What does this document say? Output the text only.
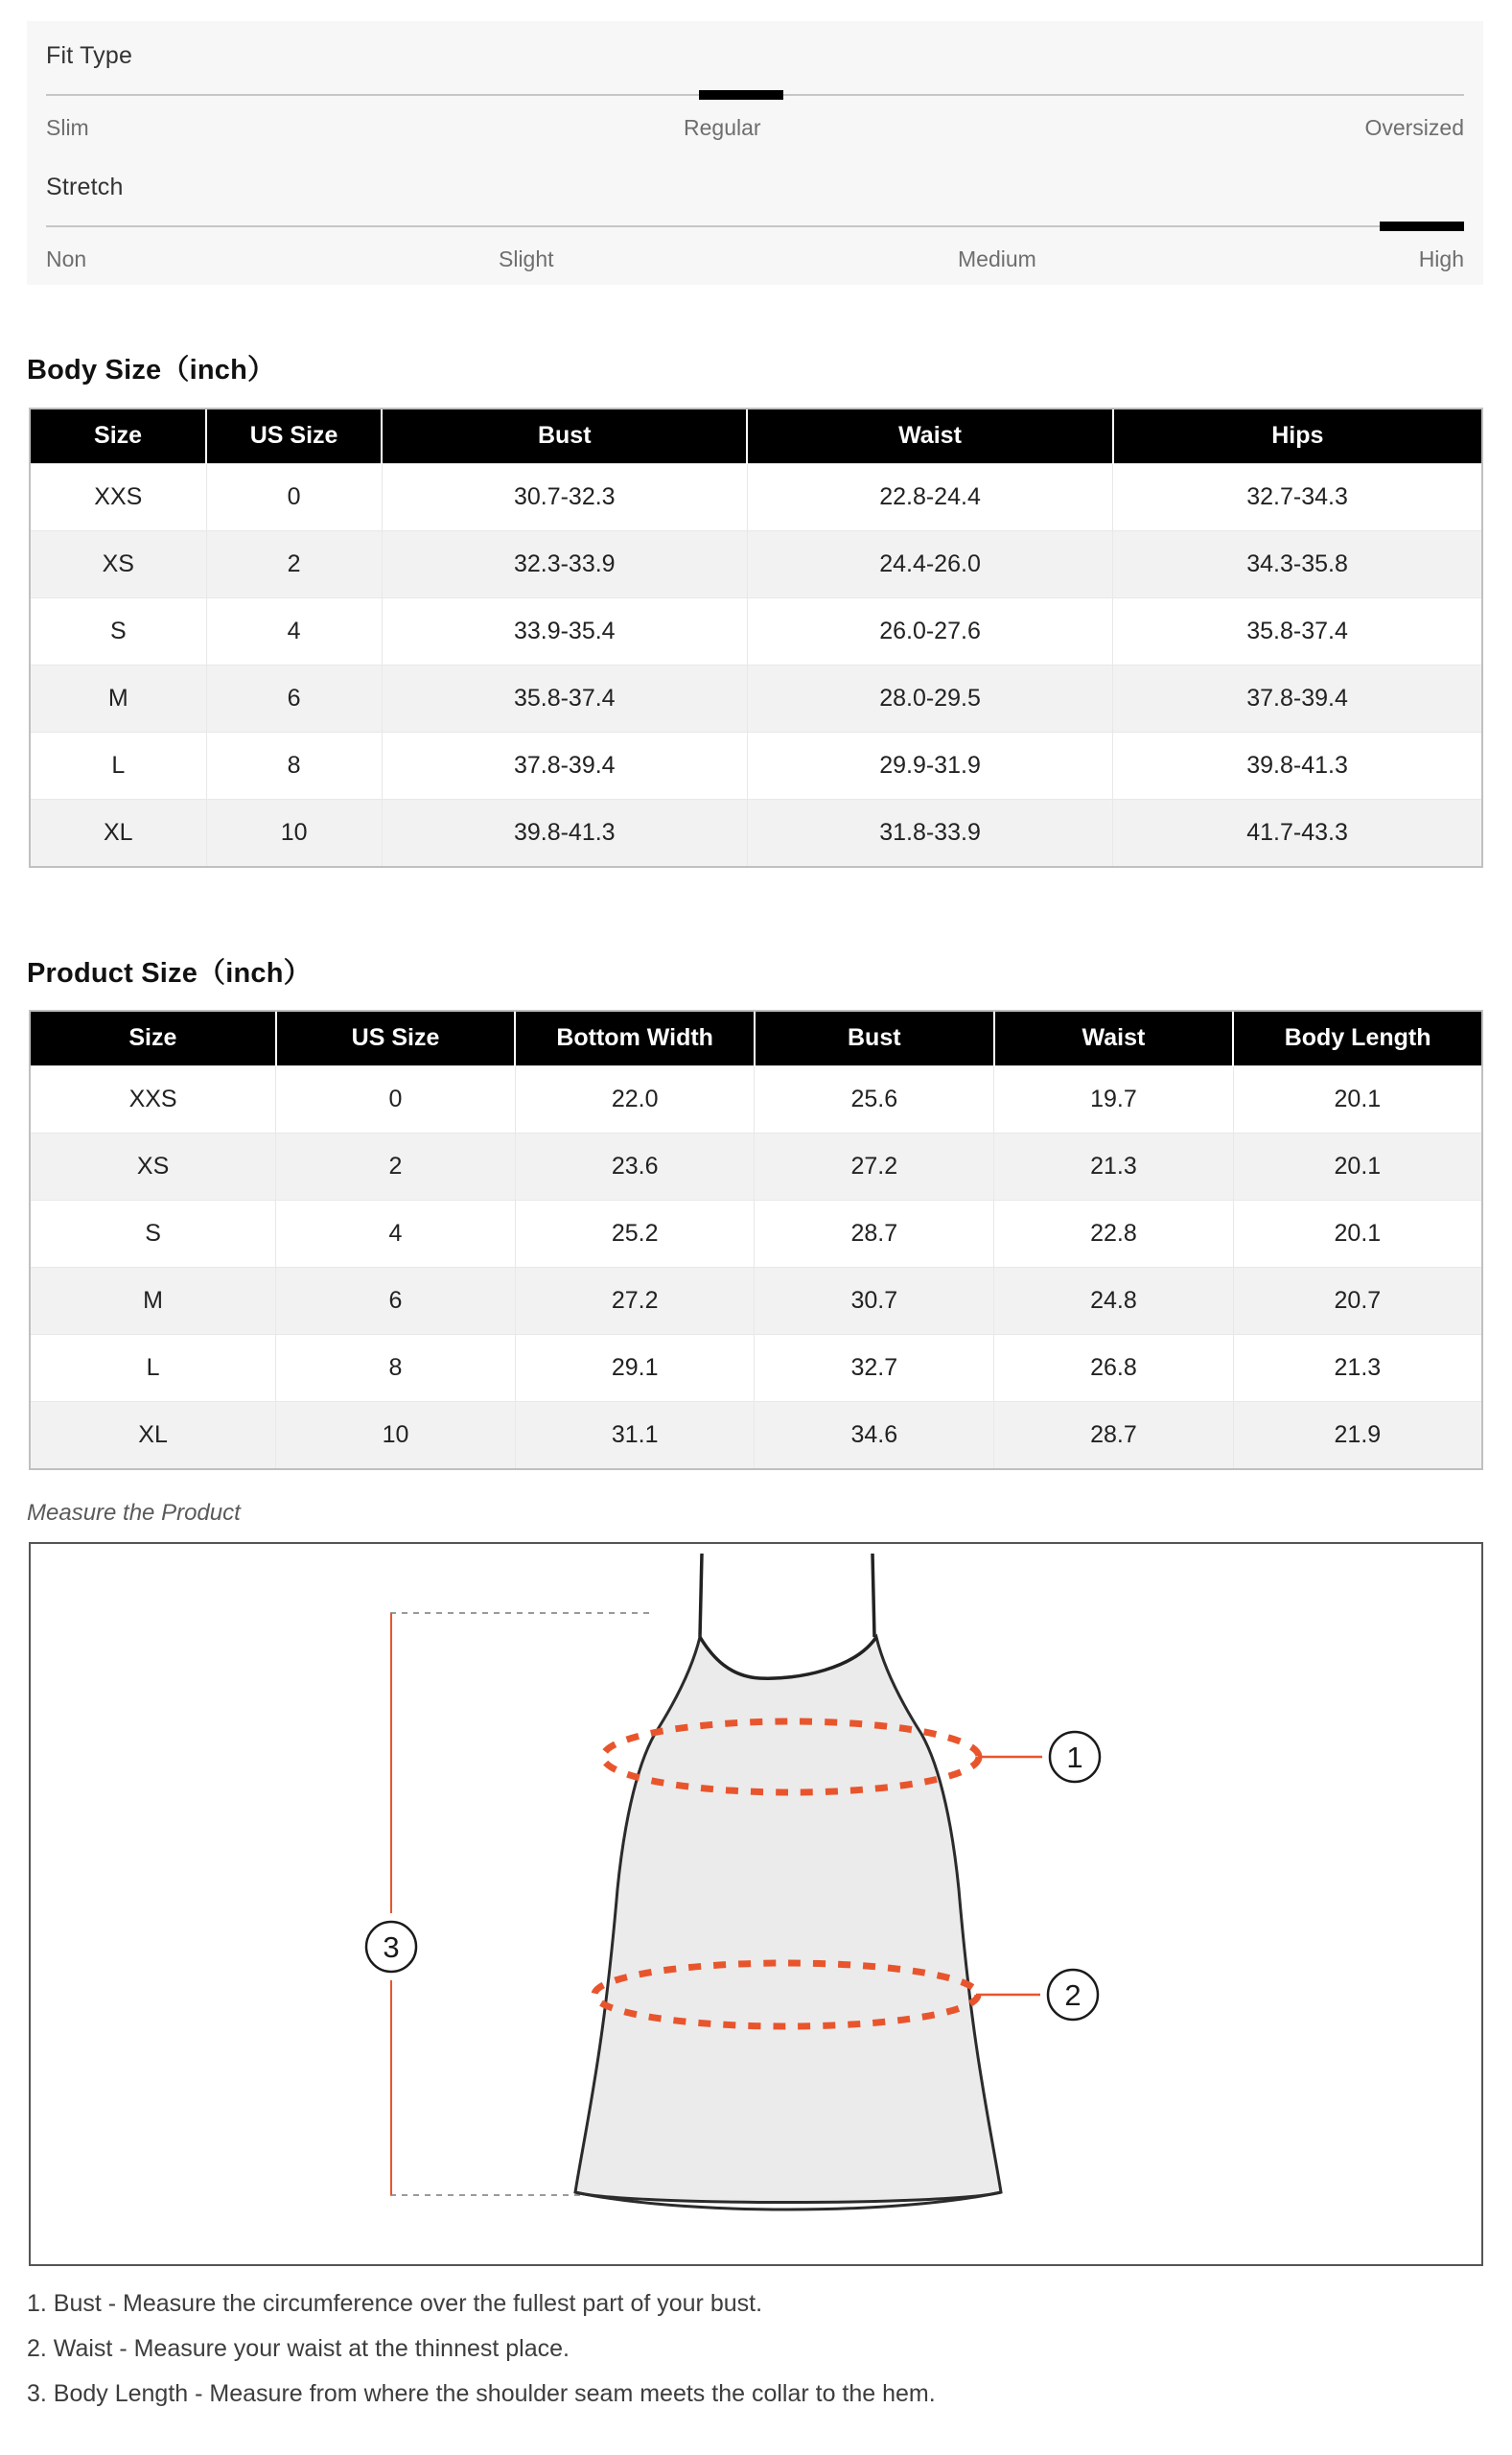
Fit Type
Slim	Regular	Oversized
Stretch
Non	Slight	Medium	High
Body Size（inch）
Size	US Size	Bust	Waist	Hips
XXS	0	30.7-32.3	22.8-24.4	32.7-34.3
XS	2	32.3-33.9	24.4-26.0	34.3-35.8
S	4	33.9-35.4	26.0-27.6	35.8-37.4
M	6	35.8-37.4	28.0-29.5	37.8-39.4
L	8	37.8-39.4	29.9-31.9	39.8-41.3
XL	10	39.8-41.3	31.8-33.9	41.7-43.3
Product Size（inch）
Size	US Size	Bottom Width	Bust	Waist	Body Length
XXS	0	22.0	25.6	19.7	20.1
XS	2	23.6	27.2	21.3	20.1
S	4	25.2	28.7	22.8	20.1
M	6	27.2	30.7	24.8	20.7
L	8	29.1	32.7	26.8	21.3
XL	10	31.1	34.6	28.7	21.9
Measure the Product
1
2
3
1. Bust - Measure the circumference over the fullest part of your bust.
2. Waist - Measure your waist at the thinnest place.
3. Body Length - Measure from where the shoulder seam meets the collar to the hem.
